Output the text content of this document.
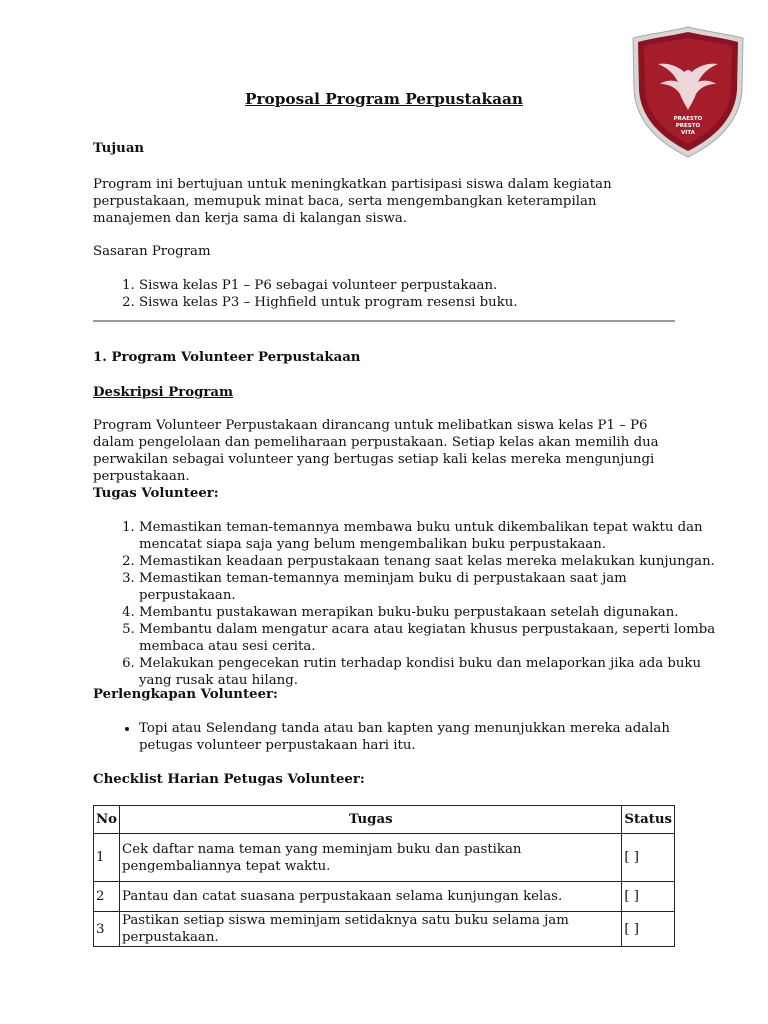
PRAESTO
PRESTO
VITA
Proposal Program Perpustakaan

Tujuan

Program ini bertujuan untuk meningkatkan partisipasi siswa dalam kegiatan perpustakaan, memupuk minat baca, serta mengembangkan keterampilan manajemen dan kerja sama di kalangan siswa.

Sasaran Program

1. Siswa kelas P1 – P6 sebagai volunteer perpustakaan.
2. Siswa kelas P3 – Highfield untuk program resensi buku.

1. Program Volunteer Perpustakaan

Deskripsi Program

Program Volunteer Perpustakaan dirancang untuk melibatkan siswa kelas P1 – P6 dalam pengelolaan dan pemeliharaan perpustakaan. Setiap kelas akan memilih dua perwakilan sebagai volunteer yang bertugas setiap kali kelas mereka mengunjungi perpustakaan.

Tugas Volunteer:

1. Memastikan teman-temannya membawa buku untuk dikembalikan tepat waktu dan mencatat siapa saja yang belum mengembalikan buku perpustakaan.
2. Memastikan keadaan perpustakaan tenang saat kelas mereka melakukan kunjungan.
3. Memastikan teman-temannya meminjam buku di perpustakaan saat jam perpustakaan.
4. Membantu pustakawan merapikan buku-buku perpustakaan setelah digunakan.
5. Membantu dalam mengatur acara atau kegiatan khusus perpustakaan, seperti lomba membaca atau sesi cerita.
6. Melakukan pengecekan rutin terhadap kondisi buku dan melaporkan jika ada buku yang rusak atau hilang.

Perlengkapan Volunteer:

• Topi atau Selendang tanda atau ban kapten yang menunjukkan mereka adalah petugas volunteer perpustakaan hari itu.

Checklist Harian Petugas Volunteer:

No	Tugas	Status
1	Cek daftar nama teman yang meminjam buku dan pastikan pengembaliannya tepat waktu.	[ ]
2	Pantau dan catat suasana perpustakaan selama kunjungan kelas.	[ ]
3	Pastikan setiap siswa meminjam setidaknya satu buku selama jam perpustakaan.	[ ]
